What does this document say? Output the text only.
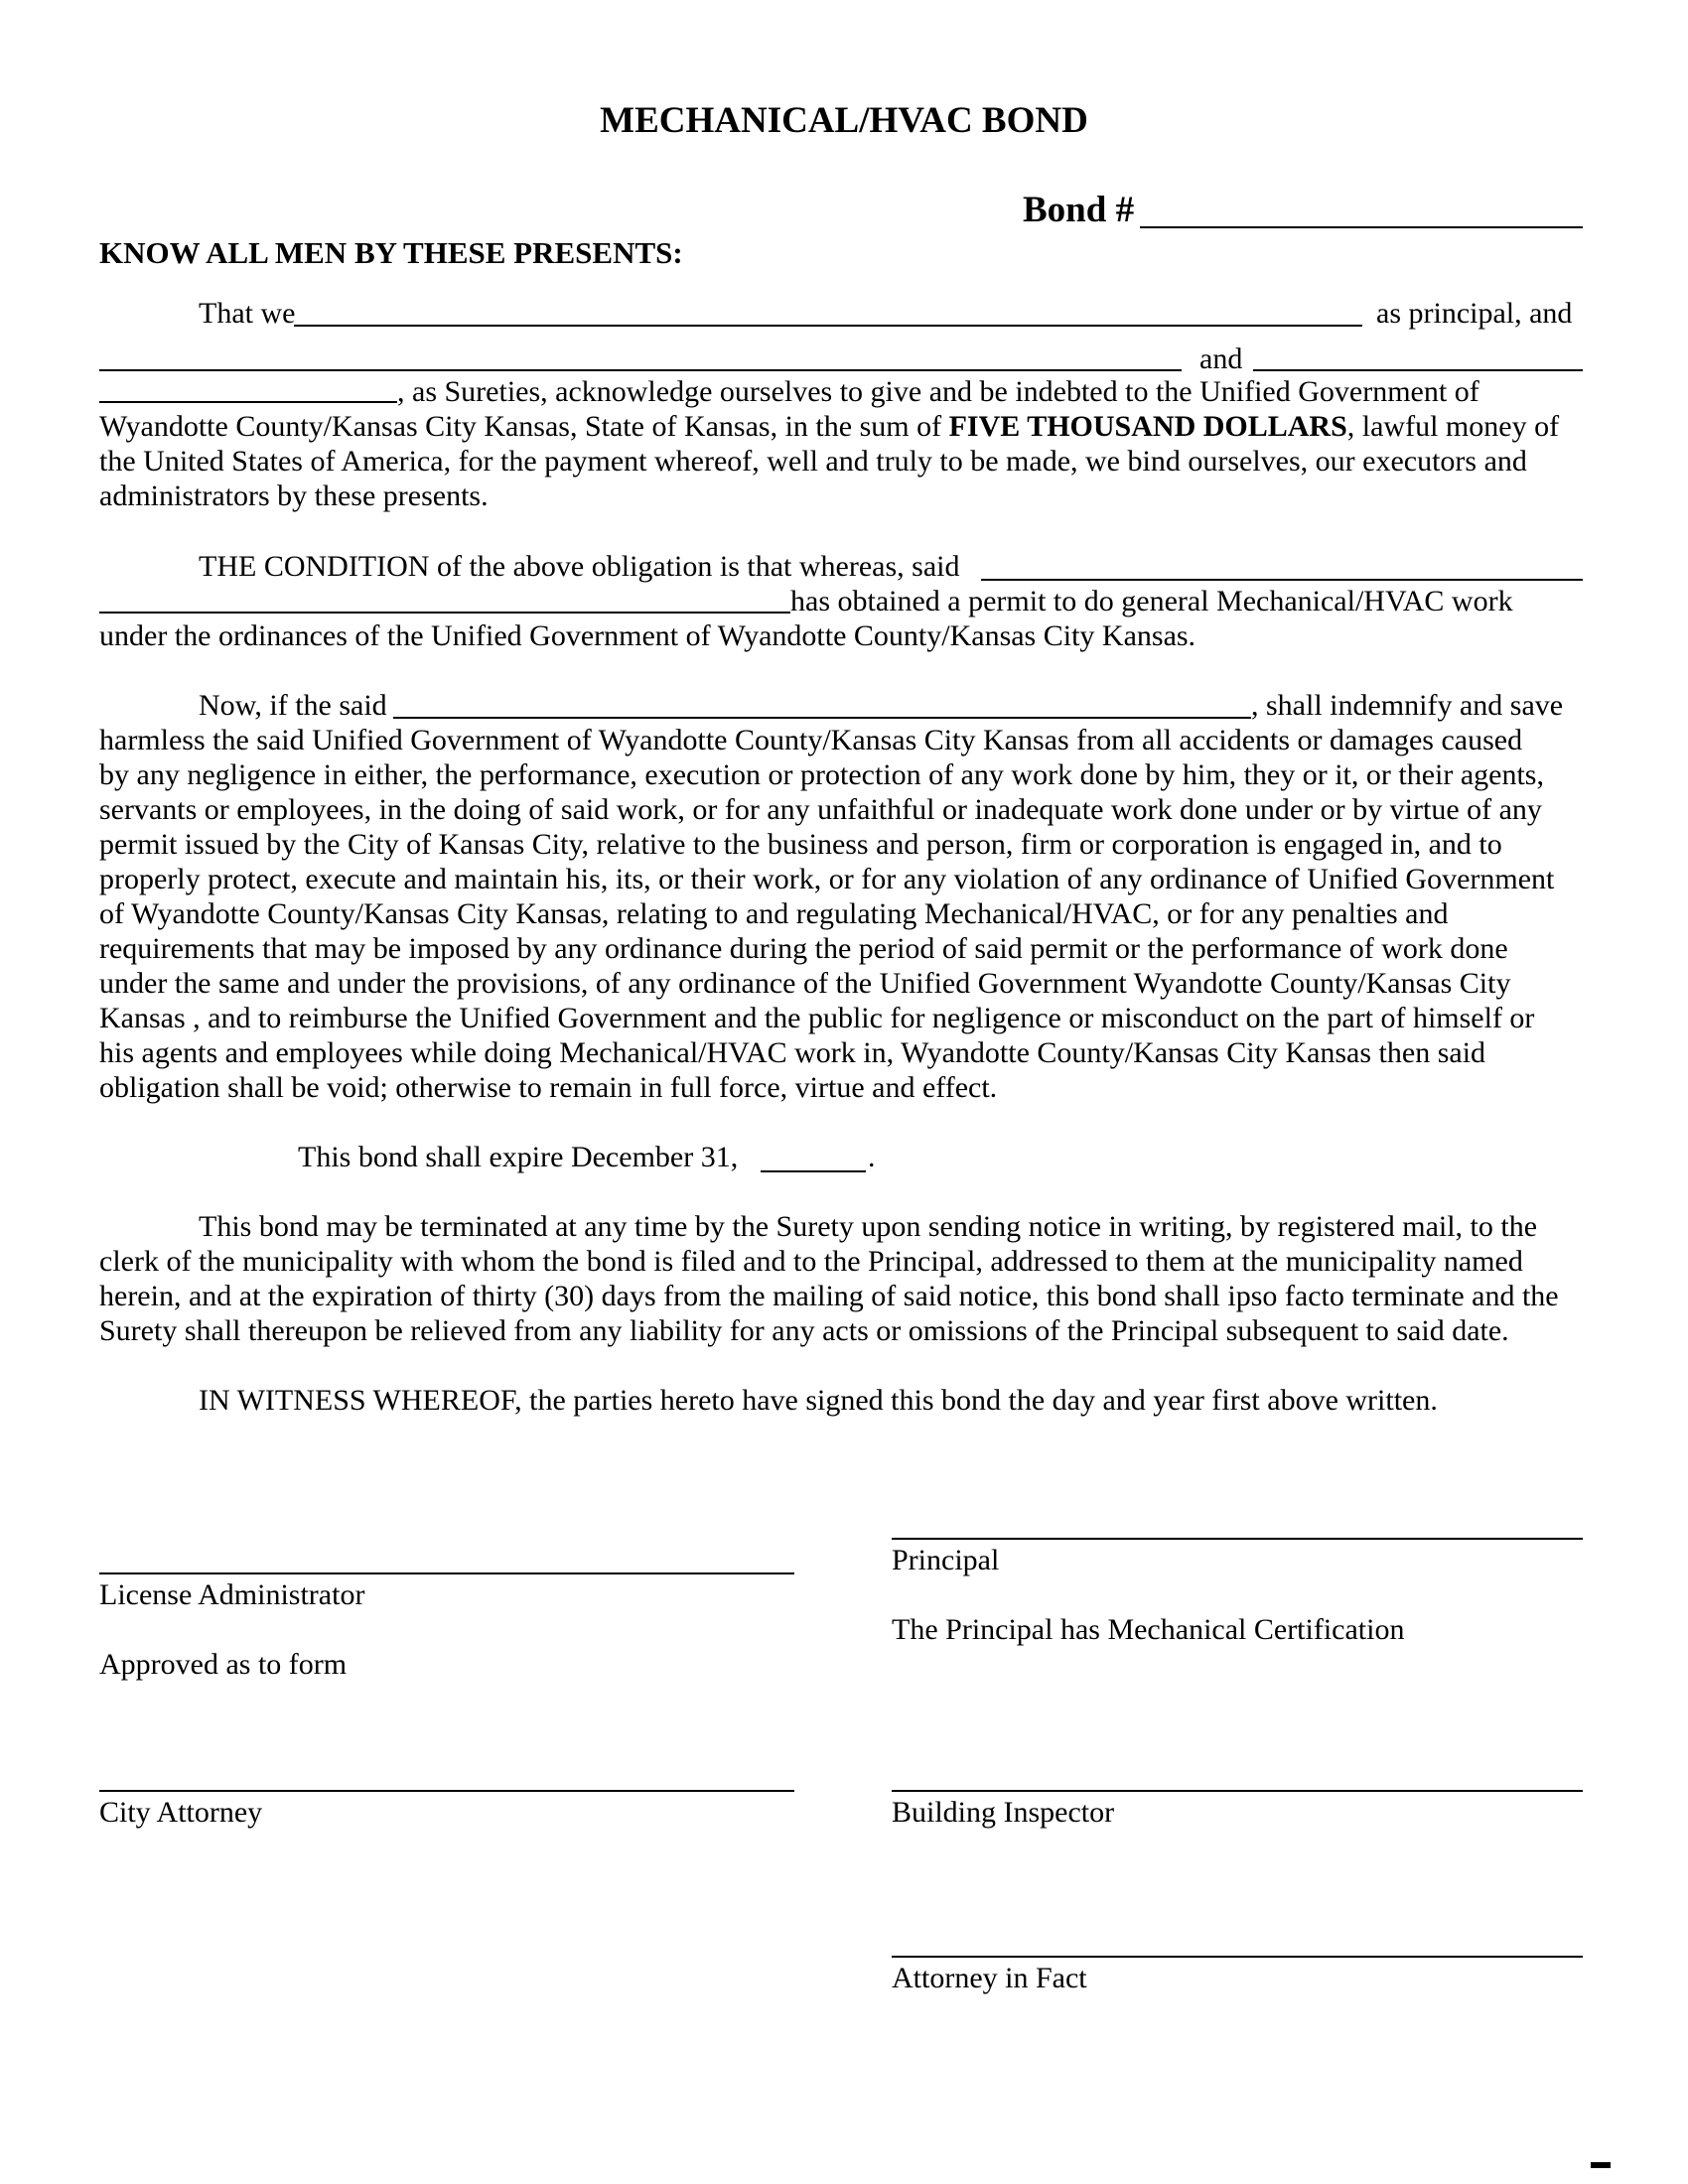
MECHANICAL/HVAC BOND
Bond #
KNOW ALL MEN BY THESE PRESENTS:
That we	as principal, and
and
, as Sureties, acknowledge ourselves to give and be indebted to the Unified Government of
Wyandotte County/Kansas City Kansas, State of Kansas, in the sum of FIVE THOUSAND DOLLARS, lawful money of
the United States of America, for the payment whereof, well and truly to be made, we bind ourselves, our executors and
administrators by these presents.
THE CONDITION of the above obligation is that whereas, said
has obtained a permit to do general Mechanical/HVAC work
under the ordinances of the Unified Government of Wyandotte County/Kansas City Kansas.
Now, if the said	, shall indemnify and save
harmless the said Unified Government of Wyandotte County/Kansas City Kansas from all accidents or damages caused
by any negligence in either, the performance, execution or protection of any work done by him, they or it, or their agents,
servants or employees, in the doing of said work, or for any unfaithful or inadequate work done under or by virtue of any
permit issued by the City of Kansas City, relative to the business and person, firm or corporation is engaged in, and to
properly protect, execute and maintain his, its, or their work, or for any violation of any ordinance of Unified Government
of Wyandotte County/Kansas City Kansas, relating to and regulating Mechanical/HVAC, or for any penalties and
requirements that may be imposed by any ordinance during the period of said permit or the performance of work done
under the same and under the provisions, of any ordinance of the Unified Government Wyandotte County/Kansas City
Kansas , and to reimburse the Unified Government and the public for negligence or misconduct on the part of himself or
his agents and employees while doing Mechanical/HVAC work in, Wyandotte County/Kansas City Kansas then said
obligation shall be void; otherwise to remain in full force, virtue and effect.
This bond shall expire December 31,	.
This bond may be terminated at any time by the Surety upon sending notice in writing, by registered mail, to the
clerk of the municipality with whom the bond is filed and to the Principal, addressed to them at the municipality named
herein, and at the expiration of thirty (30) days from the mailing of said notice, this bond shall ipso facto terminate and the
Surety shall thereupon be relieved from any liability for any acts or omissions of the Principal subsequent to said date.
IN WITNESS WHEREOF, the parties hereto have signed this bond the day and year first above written.
License Administrator
Approved as to form
City Attorney
Principal
The Principal has Mechanical Certification
Building Inspector
Attorney in Fact
